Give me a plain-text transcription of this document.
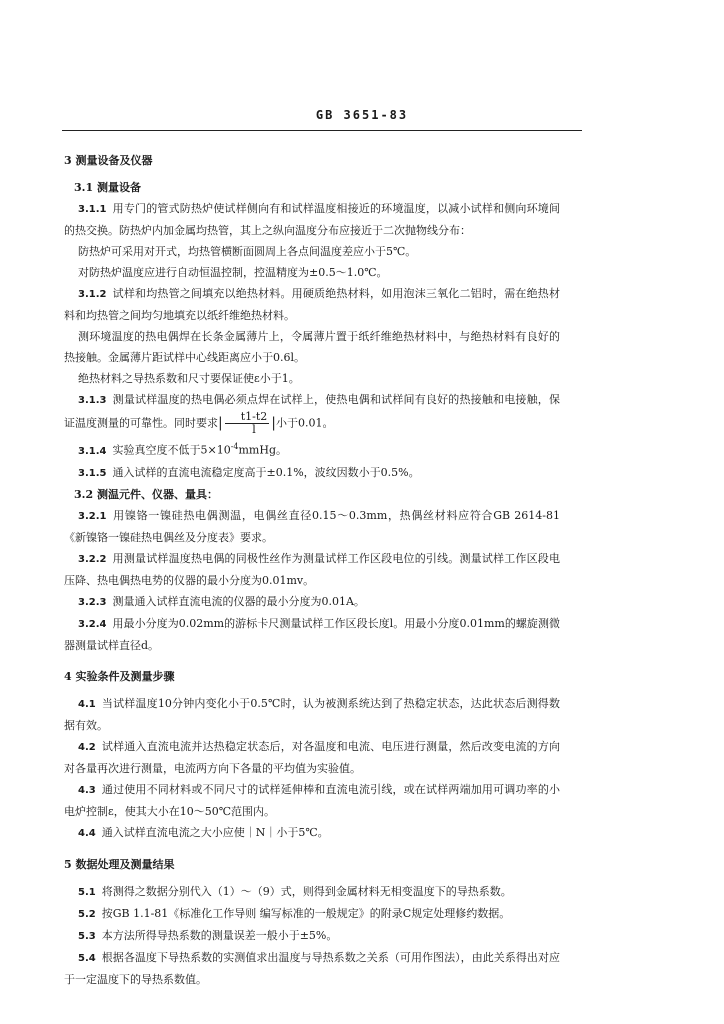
GB 3651-83
3 测量设备及仪器
3.1 测量设备
3.1.1 用专门的管式防热炉使试样侧向有和试样温度相接近的环境温度，以减小试样和侧向环境间的热交换。防热炉内加金属均热管，其上之纵向温度分布应接近于二次抛物线分布：
防热炉可采用对开式，均热管横断面圆周上各点间温度差应小于5℃。
对防热炉温度应进行自动恒温控制，控温精度为±0.5～1.0℃。
3.1.2 试样和均热管之间填充以绝热材料。用硬质绝热材料，如用泡沫三氧化二铝时，需在绝热材料和均热管之间均匀地填充以纸纤维绝热材料。
测环境温度的热电偶焊在长条金属薄片上，令属薄片置于纸纤维绝热材料中，与绝热材料有良好的热接触。金属薄片距试样中心线距离应小于0.6l。
绝热材料之导热系数和尺寸要保证使ε小于1。
3.1.3 测量试样温度的热电偶必须点焊在试样上，使热电偶和试样间有良好的热接触和电接触，保证温度测量的可靠性。同时要求| $\frac{t1-t2}{l}$ |小于0.01。
3.1.4 实验真空度不低于$5\times 10^{-4}mmHg$。
3.1.5 通入试样的直流电流稳定度高于±0.1%，波纹因数小于0.5%。
3.2 测温元件、仪器、量具：
3.2.1 用镍铬一镍硅热电偶测温，电偶丝直径0.15～0.3mm，热偶丝材料应符合GB 2614-81《新镍铬一镍硅热电偶丝及分度表》要求。
3.2.2 用测量试样温度热电偶的同极性丝作为测量试样工作区段电位的引线。测量试样工作区段电压降、热电偶热电势的仪器的最小分度为0.01mv。
3.2.3 测量通入试样直流电流的仪器的最小分度为0.01A。
3.2.4 用最小分度为0.02mm的游标卡尺测量试样工作区段长度l。用最小分度0.01mm的螺旋测微器测量试样直径d。
4 实验条件及测量步骤
4.1 当试样温度10分钟内变化小于0.5℃时，认为被测系统达到了热稳定状态，达此状态后测得数据有效。
4.2 试样通入直流电流并达热稳定状态后，对各温度和电流、电压进行测量，然后改变电流的方向对各量再次进行测量，电流两方向下各量的平均值为实验值。
4.3 通过使用不同材料或不同尺寸的试样延伸棒和直流电流引线，或在试样两端加用可调功率的小电炉控制ε，使其大小在10～50℃范围内。
4.4 通入试样直流电流之大小应使｜N｜小于5℃。
5 数据处理及测量结果
5.1 将测得之数据分别代入（1）～（9）式，则得到金属材料无相变温度下的导热系数。
5.2 按GB 1.1-81《标准化工作导则 编写标准的一般规定》的附录C规定处理修约数据。
5.3 本方法所得导热系数的测量误差一般小于±5%。
5.4 根据各温度下导热系数的实测值求出温度与导热系数之关系（可用作图法），由此关系得出对应于一定温度下的导热系数值。
